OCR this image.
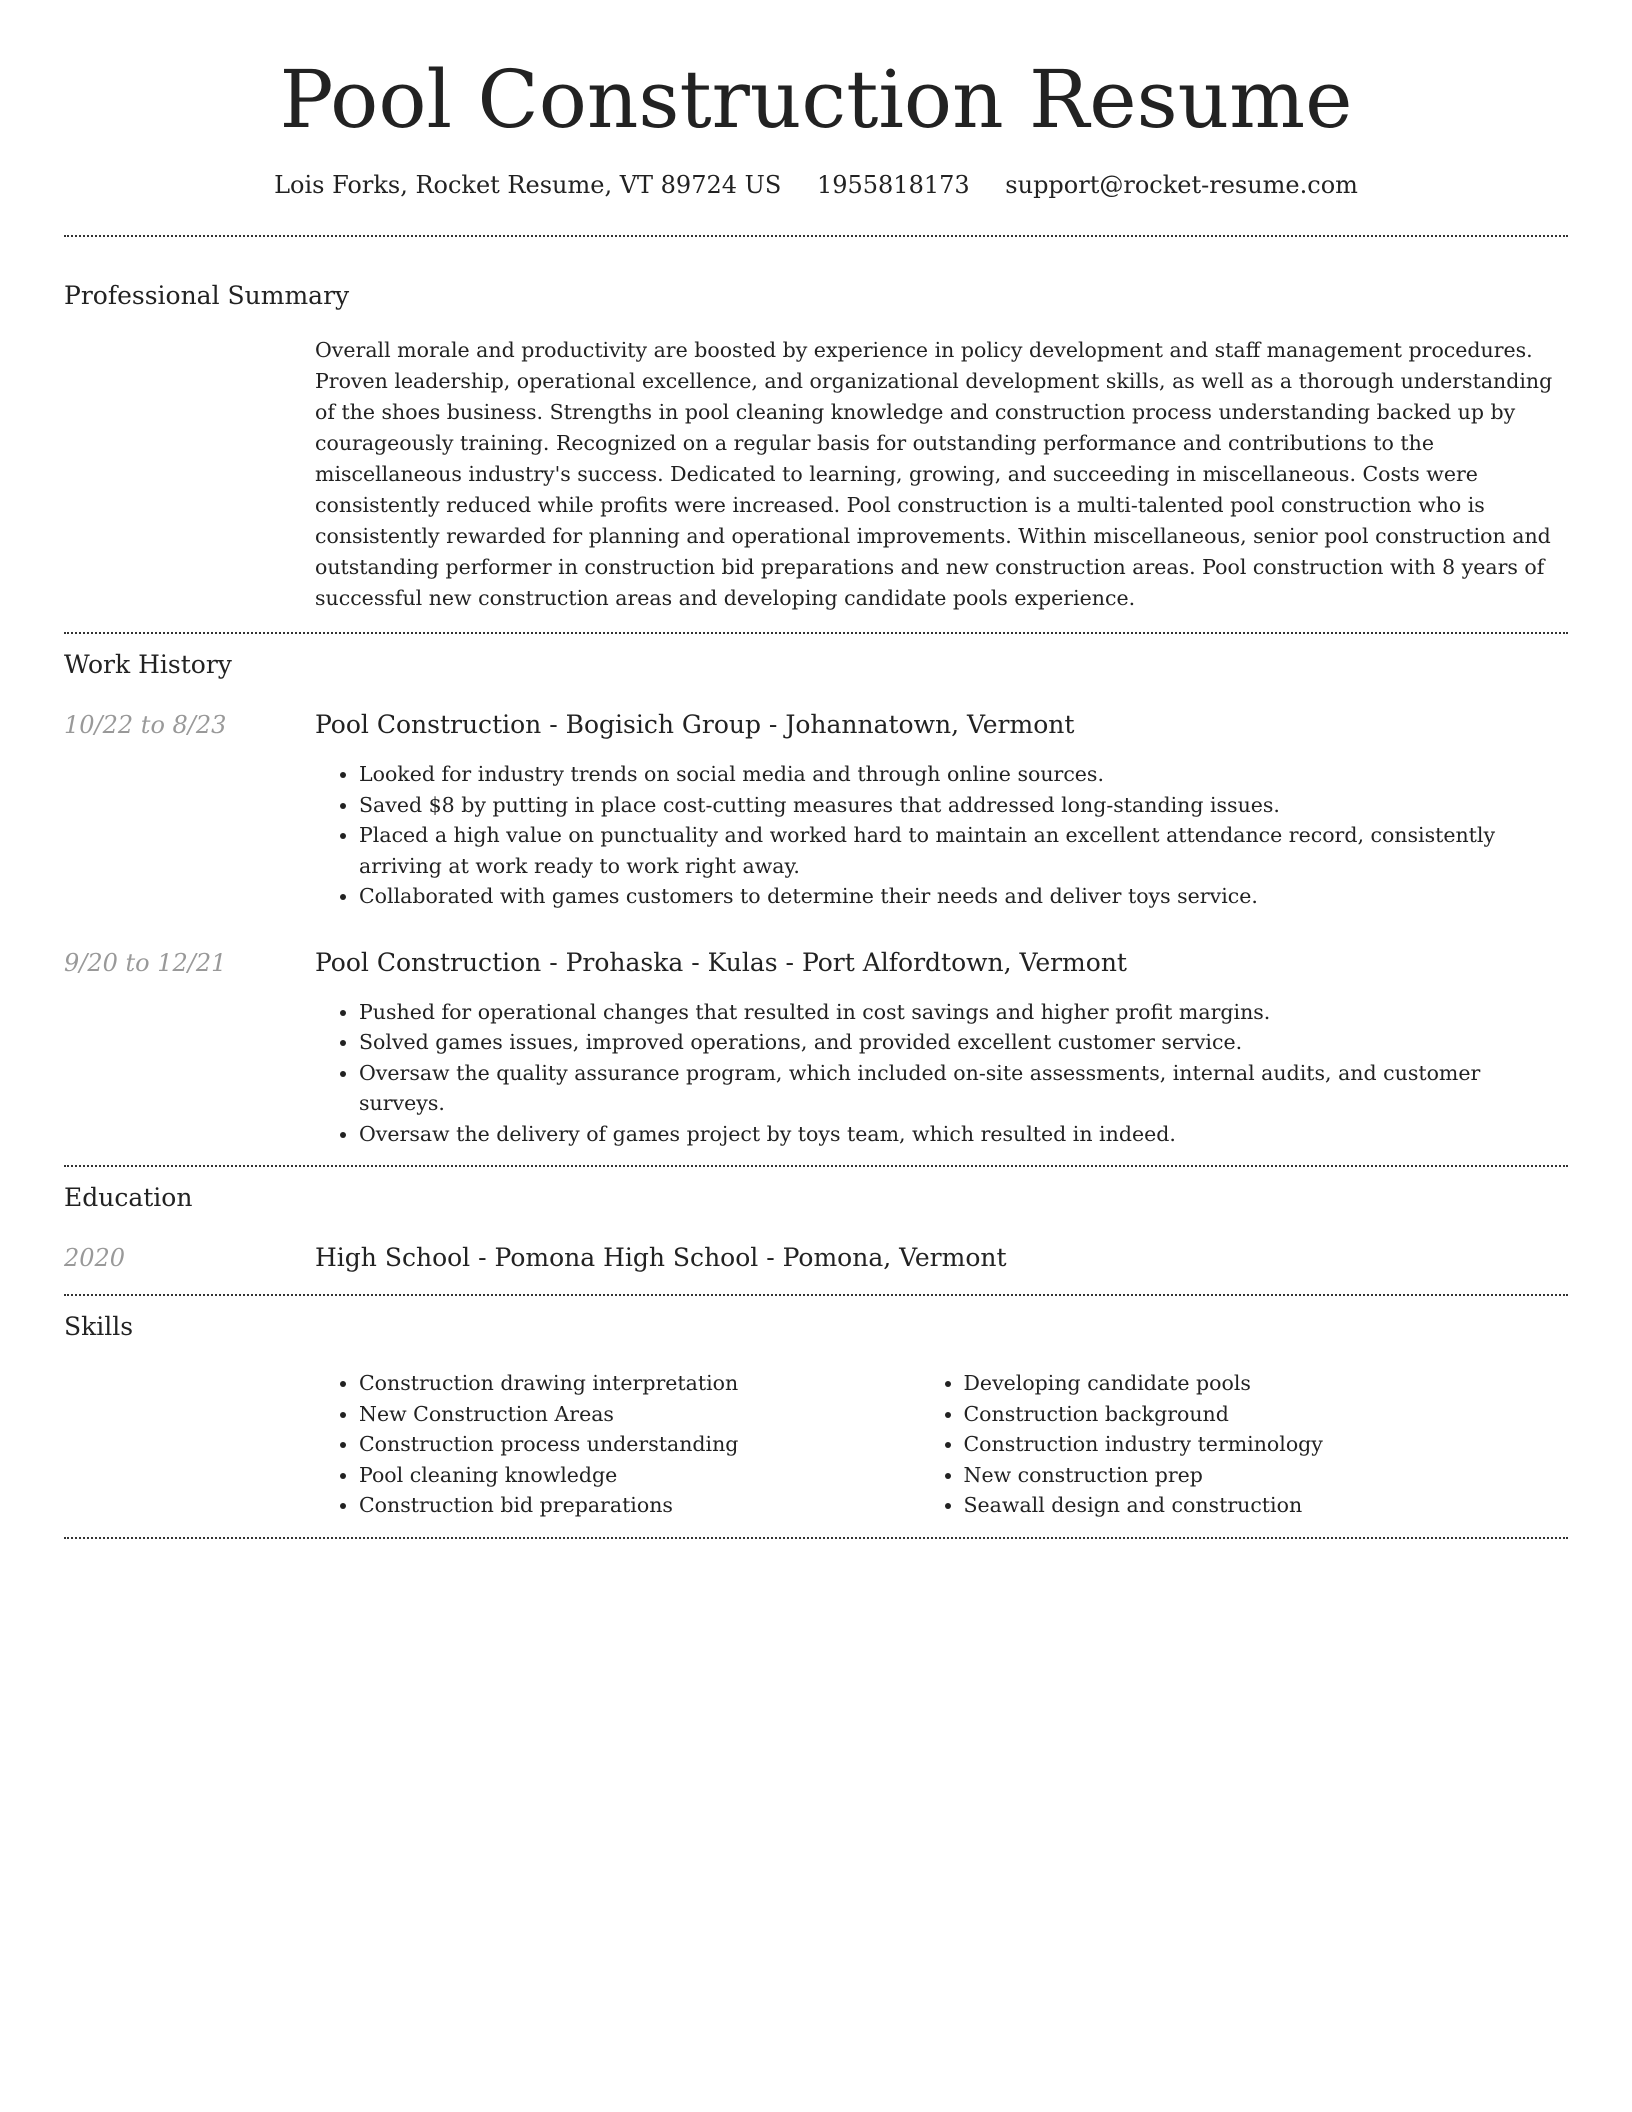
Pool Construction Resume
Lois Forks, Rocket Resume, VT 89724 US 1955818173 support@rocket-resume.com
Professional Summary

Overall morale and productivity are boosted by experience in policy development and staff management procedures. Proven leadership, operational excellence, and organizational development skills, as well as a thorough understanding of the shoes business. Strengths in pool cleaning knowledge and construction process understanding backed up by courageously training. Recognized on a regular basis for outstanding performance and contributions to the miscellaneous industry's success. Dedicated to learning, growing, and succeeding in miscellaneous. Costs were consistently reduced while profits were increased. Pool construction is a multi-talented pool construction who is consistently rewarded for planning and operational improvements. Within miscellaneous, senior pool construction and outstanding performer in construction bid preparations and new construction areas. Pool construction with 8 years of successful new construction areas and developing candidate pools experience.

Work History
10/22 to 8/23	Pool Construction - Bogisich Group - Johannatown, Vermont
• Looked for industry trends on social media and through online sources.
• Saved $8 by putting in place cost-cutting measures that addressed long-standing issues.
• Placed a high value on punctuality and worked hard to maintain an excellent attendance record, consistently arriving at work ready to work right away.
• Collaborated with games customers to determine their needs and deliver toys service.
9/20 to 12/21	Pool Construction - Prohaska - Kulas - Port Alfordtown, Vermont
• Pushed for operational changes that resulted in cost savings and higher profit margins.
• Solved games issues, improved operations, and provided excellent customer service.
• Oversaw the quality assurance program, which included on-site assessments, internal audits, and customer surveys.
• Oversaw the delivery of games project by toys team, which resulted in indeed.
Education
2020	High School - Pomona High School - Pomona, Vermont
Skills
• Construction drawing interpretation
• New Construction Areas
• Construction process understanding
• Pool cleaning knowledge
• Construction bid preparations
• Developing candidate pools
• Construction background
• Construction industry terminology
• New construction prep
• Seawall design and construction
